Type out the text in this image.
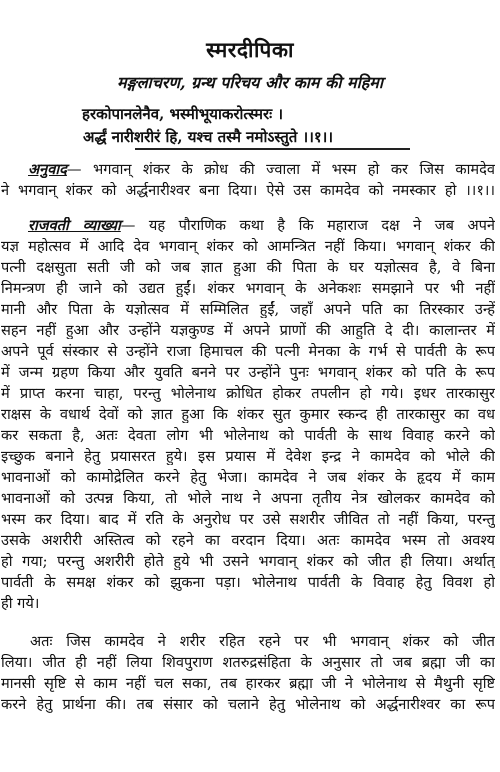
स्मरदीपिका
मङ्गलाचरण, ग्रन्थ परिचय और काम की महिमा
हरकोपानलेनैव, भस्मीभूयाकरोत्स्मरः ।
अर्द्धं नारीशरीरं हि, यश्च तस्मै नमोऽस्तुते ।।१।।
अनुवाद— भगवान् शंकर के क्रोध की ज्वाला में भस्म हो कर जिस कामदेव
ने भगवान् शंकर को अर्द्धनारीश्वर बना दिया। ऐसे उस कामदेव को नमस्कार हो ।।१।।
राजवती व्याख्या— यह पौराणिक कथा है कि महाराज दक्ष ने जब अपने
यज्ञ महोत्सव में आदि देव भगवान् शंकर को आमन्त्रित नहीं किया। भगवान् शंकर की
पत्नी दक्षसुता सती जी को जब ज्ञात हुआ की पिता के घर यज्ञोत्सव है, वे बिना
निमन्त्रण ही जाने को उद्यत हुईं। शंकर भगवान् के अनेकशः समझाने पर भी नहीं
मानी और पिता के यज्ञोत्सव में सम्मिलित हुईं, जहाँ अपने पति का तिरस्कार उन्हें
सहन नहीं हुआ और उन्होंने यज्ञकुण्ड में अपने प्राणों की आहुति दे दी। कालान्तर में
अपने पूर्व संस्कार से उन्होंने राजा हिमाचल की पत्नी मेनका के गर्भ से पार्वती के रूप
में जन्म ग्रहण किया और युवति बनने पर उन्होंने पुनः भगवान् शंकर को पति के रूप
में प्राप्त करना चाहा, परन्तु भोलेनाथ क्रोधित होकर तपलीन हो गये। इधर तारकासुर
राक्षस के वधार्थ देवों को ज्ञात हुआ कि शंकर सुत कुमार स्कन्द ही तारकासुर का वध
कर सकता है, अतः देवता लोग भी भोलेनाथ को पार्वती के साथ विवाह करने को
इच्छुक बनाने हेतु प्रयासरत हुये। इस प्रयास में देवेश इन्द्र ने कामदेव को भोले की
भावनाओं को कामोद्रेलित करने हेतु भेजा। कामदेव ने जब शंकर के हृदय में काम
भावनाओं को उत्पन्न किया, तो भोले नाथ ने अपना तृतीय नेत्र खोलकर कामदेव को
भस्म कर दिया। बाद में रति के अनुरोध पर उसे सशरीर जीवित तो नहीं किया, परन्तु
उसके अशरीरी अस्तित्व को रहने का वरदान दिया। अतः कामदेव भस्म तो अवश्य
हो गया; परन्तु अशरीरी होते हुये भी उसने भगवान् शंकर को जीत ही लिया। अर्थात्
पार्वती के समक्ष शंकर को झुकना पड़ा। भोलेनाथ पार्वती के विवाह हेतु विवश हो
ही गये।
अतः जिस कामदेव ने शरीर रहित रहने पर भी भगवान् शंकर को जीत
लिया। जीत ही नहीं लिया शिवपुराण शतरुद्रसंहिता के अनुसार तो जब ब्रह्मा जी का
मानसी सृष्टि से काम नहीं चल सका, तब हारकर ब्रह्मा जी ने भोलेनाथ से मैथुनी सृष्टि
करने हेतु प्रार्थना की। तब संसार को चलाने हेतु भोलेनाथ को अर्द्धनारीश्वर का रूप
